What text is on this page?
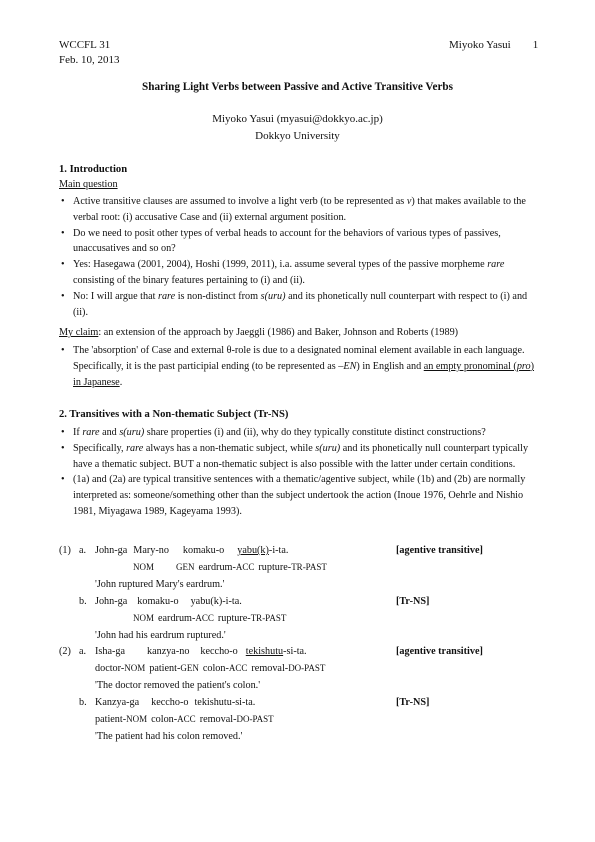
WCCFL 31
Feb. 10, 2013
Miyoko Yasui 1
Sharing Light Verbs between Passive and Active Transitive Verbs
Miyoko Yasui (myasui@dokkyo.ac.jp)
Dokkyo University
1. Introduction
Main question

• Active transitive clauses are assumed to involve a light verb (to be represented as v) that makes available to the verbal root: (i) accusative Case and (ii) external argument position.

• Do we need to posit other types of verbal heads to account for the behaviors of various types of passives, unaccusatives and so on?

• Yes: Hasegawa (2001, 2004), Hoshi (1999, 2011), i.a. assume several types of the passive morpheme rare consisting of the binary features pertaining to (i) and (ii).

• No: I will argue that rare is non-distinct from s(uru) and its phonetically null counterpart with respect to (i) and (ii).

My claim: an extension of the approach by Jaeggli (1986) and Baker, Johnson and Roberts (1989)

• The 'absorption' of Case and external θ-role is due to a designated nominal element available in each language. Specifically, it is the past participial ending (to be represented as –EN) in English and an empty pronominal (pro) in Japanese.

2. Transitives with a Non-thematic Subject (Tr-NS)

• If rare and s(uru) share properties (i) and (ii), why do they typically constitute distinct constructions?

• Specifically, rare always has a non-thematic subject, while s(uru) and its phonetically null counterpart typically have a thematic subject. BUT a non-thematic subject is also possible with the latter under certain conditions.

• (1a) and (2a) are typical transitive sentences with a thematic/agentive subject, while (1b) and (2b) are normally interpreted as: someone/something other than the subject undertook the action (Inoue 1976, Oehrle and Nishio 1981, Miyagawa 1989, Kageyama 1993).

(1) a. John-ga Mary-no komaku-o yabu(k)-i-ta.	[agentive transitive]
NOM GEN eardrum-ACC rupture-TR-PAST
'John ruptured Mary's eardrum.'
b. John-ga komaku-o yabu(k)-i-ta.	[Tr-NS]
NOM eardrum-ACC rupture-TR-PAST
'John had his eardrum ruptured.'
(2) a. Isha-ga kanzya-no keccho-o tekishutu-si-ta.	[agentive transitive]
doctor-NOM patient-GEN colon-ACC removal-DO-PAST
'The doctor removed the patient's colon.'
b. Kanzya-ga keccho-o tekishutu-si-ta.	[Tr-NS]
patient-NOM colon-ACC removal-DO-PAST
'The patient had his colon removed.'
